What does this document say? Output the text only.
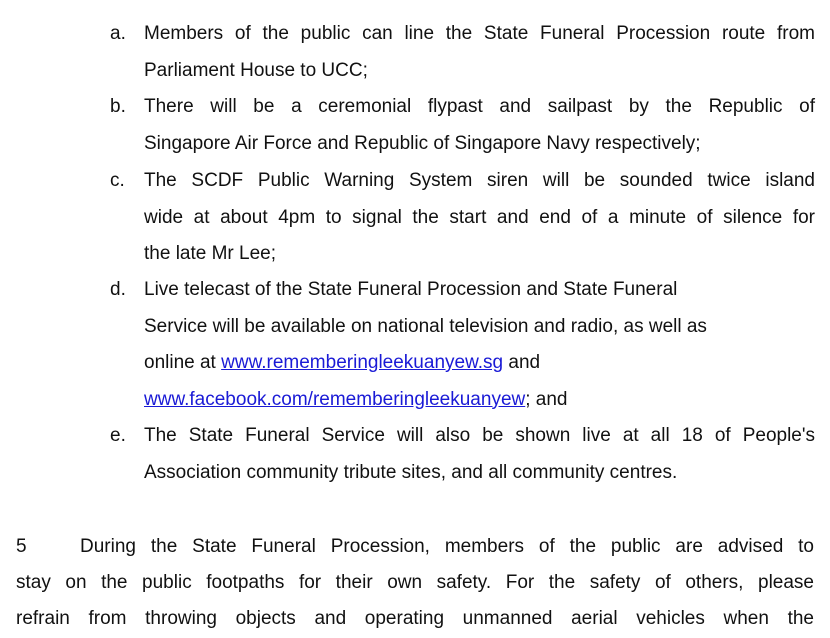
a. Members of the public can line the State Funeral Procession route from
Parliament House to UCC;
b. There will be a ceremonial flypast and sailpast by the Republic of
Singapore Air Force and Republic of Singapore Navy respectively;
c.	The SCDF Public Warning System siren will be sounded twice island
wide at about 4pm to signal the start and end of a minute of silence for
the late Mr Lee;
d. Live telecast of the State Funeral Procession and State Funeral
Service will be available on national television and radio, as well as
online at www.rememberingleekuanyew.sg and
www.facebook.com/rememberingleekuanyew; and
e. The State Funeral Service will also be shown live at all 18 of People's
Association community tribute sites, and all community centres.
5	During the State Funeral Procession, members of the public are advised to
stay on the public footpaths for their own safety. For the safety of others, please
refrain from throwing objects and operating unmanned aerial vehicles when the
